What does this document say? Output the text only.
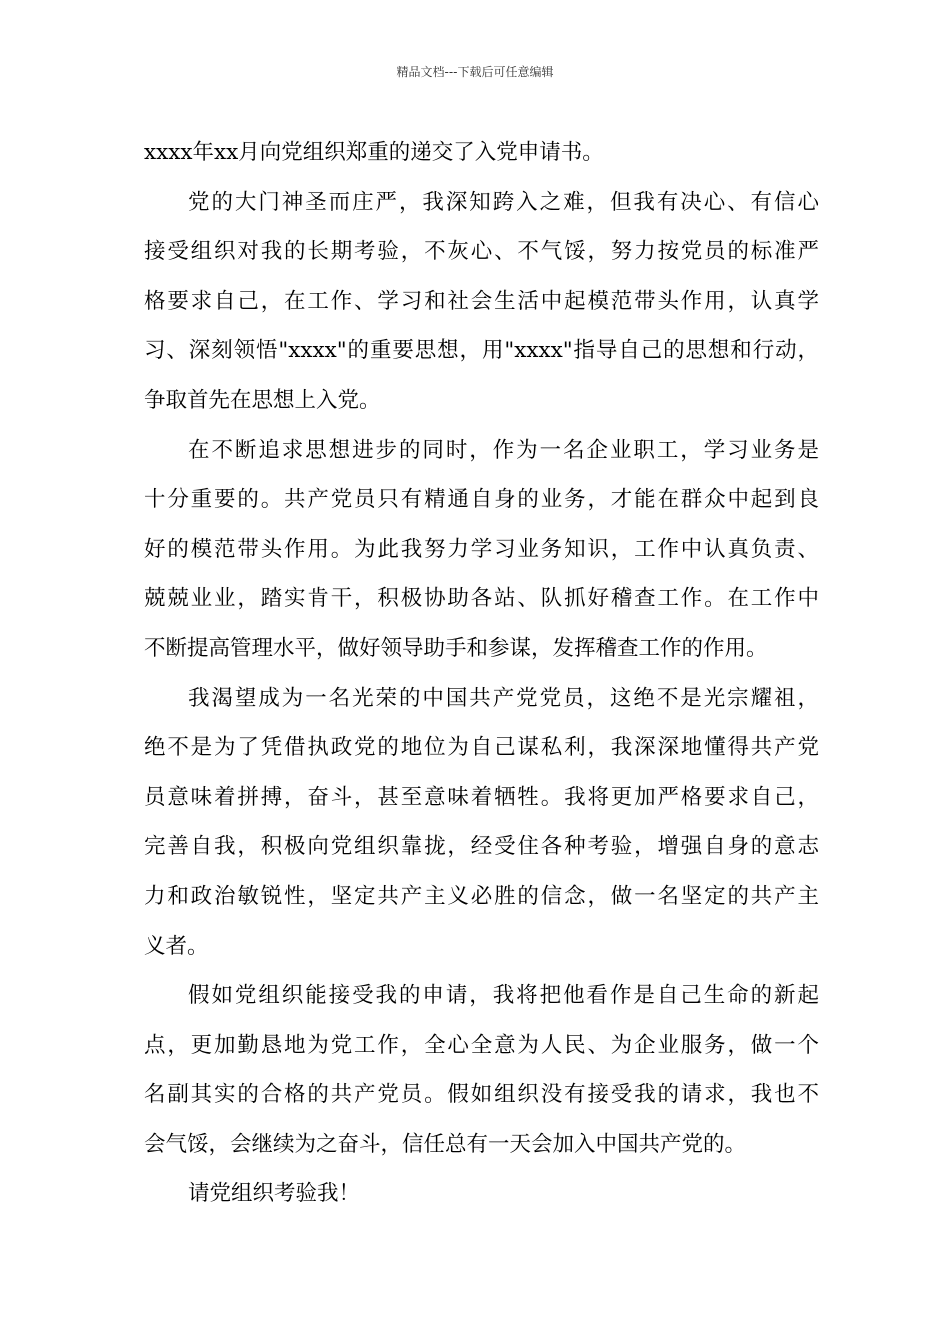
精品文档---下载后可任意编辑
xxxx年xx月向党组织郑重的递交了入党申请书。
党的大门神圣而庄严，我深知跨入之难，但我有决心、有信心
接受组织对我的长期考验，不灰心、不气馁，努力按党员的标准严
格要求自己，在工作、学习和社会生活中起模范带头作用，认真学
习、深刻领悟"xxxx"的重要思想，用"xxxx"指导自己的思想和行动，
争取首先在思想上入党。
在不断追求思想进步的同时，作为一名企业职工，学习业务是
十分重要的。共产党员只有精通自身的业务，才能在群众中起到良
好的模范带头作用。为此我努力学习业务知识，工作中认真负责、
兢兢业业，踏实肯干，积极协助各站、队抓好稽查工作。在工作中
不断提高管理水平，做好领导助手和参谋，发挥稽查工作的作用。
我渴望成为一名光荣的中国共产党党员，这绝不是光宗耀祖，
绝不是为了凭借执政党的地位为自己谋私利，我深深地懂得共产党
员意味着拼搏，奋斗，甚至意味着牺牲。我将更加严格要求自己，
完善自我，积极向党组织靠拢，经受住各种考验，增强自身的意志
力和政治敏锐性，坚定共产主义必胜的信念，做一名坚定的共产主
义者。
假如党组织能接受我的申请，我将把他看作是自己生命的新起
点，更加勤恳地为党工作，全心全意为人民、为企业服务，做一个
名副其实的合格的共产党员。假如组织没有接受我的请求，我也不
会气馁，会继续为之奋斗，信任总有一天会加入中国共产党的。
请党组织考验我！
